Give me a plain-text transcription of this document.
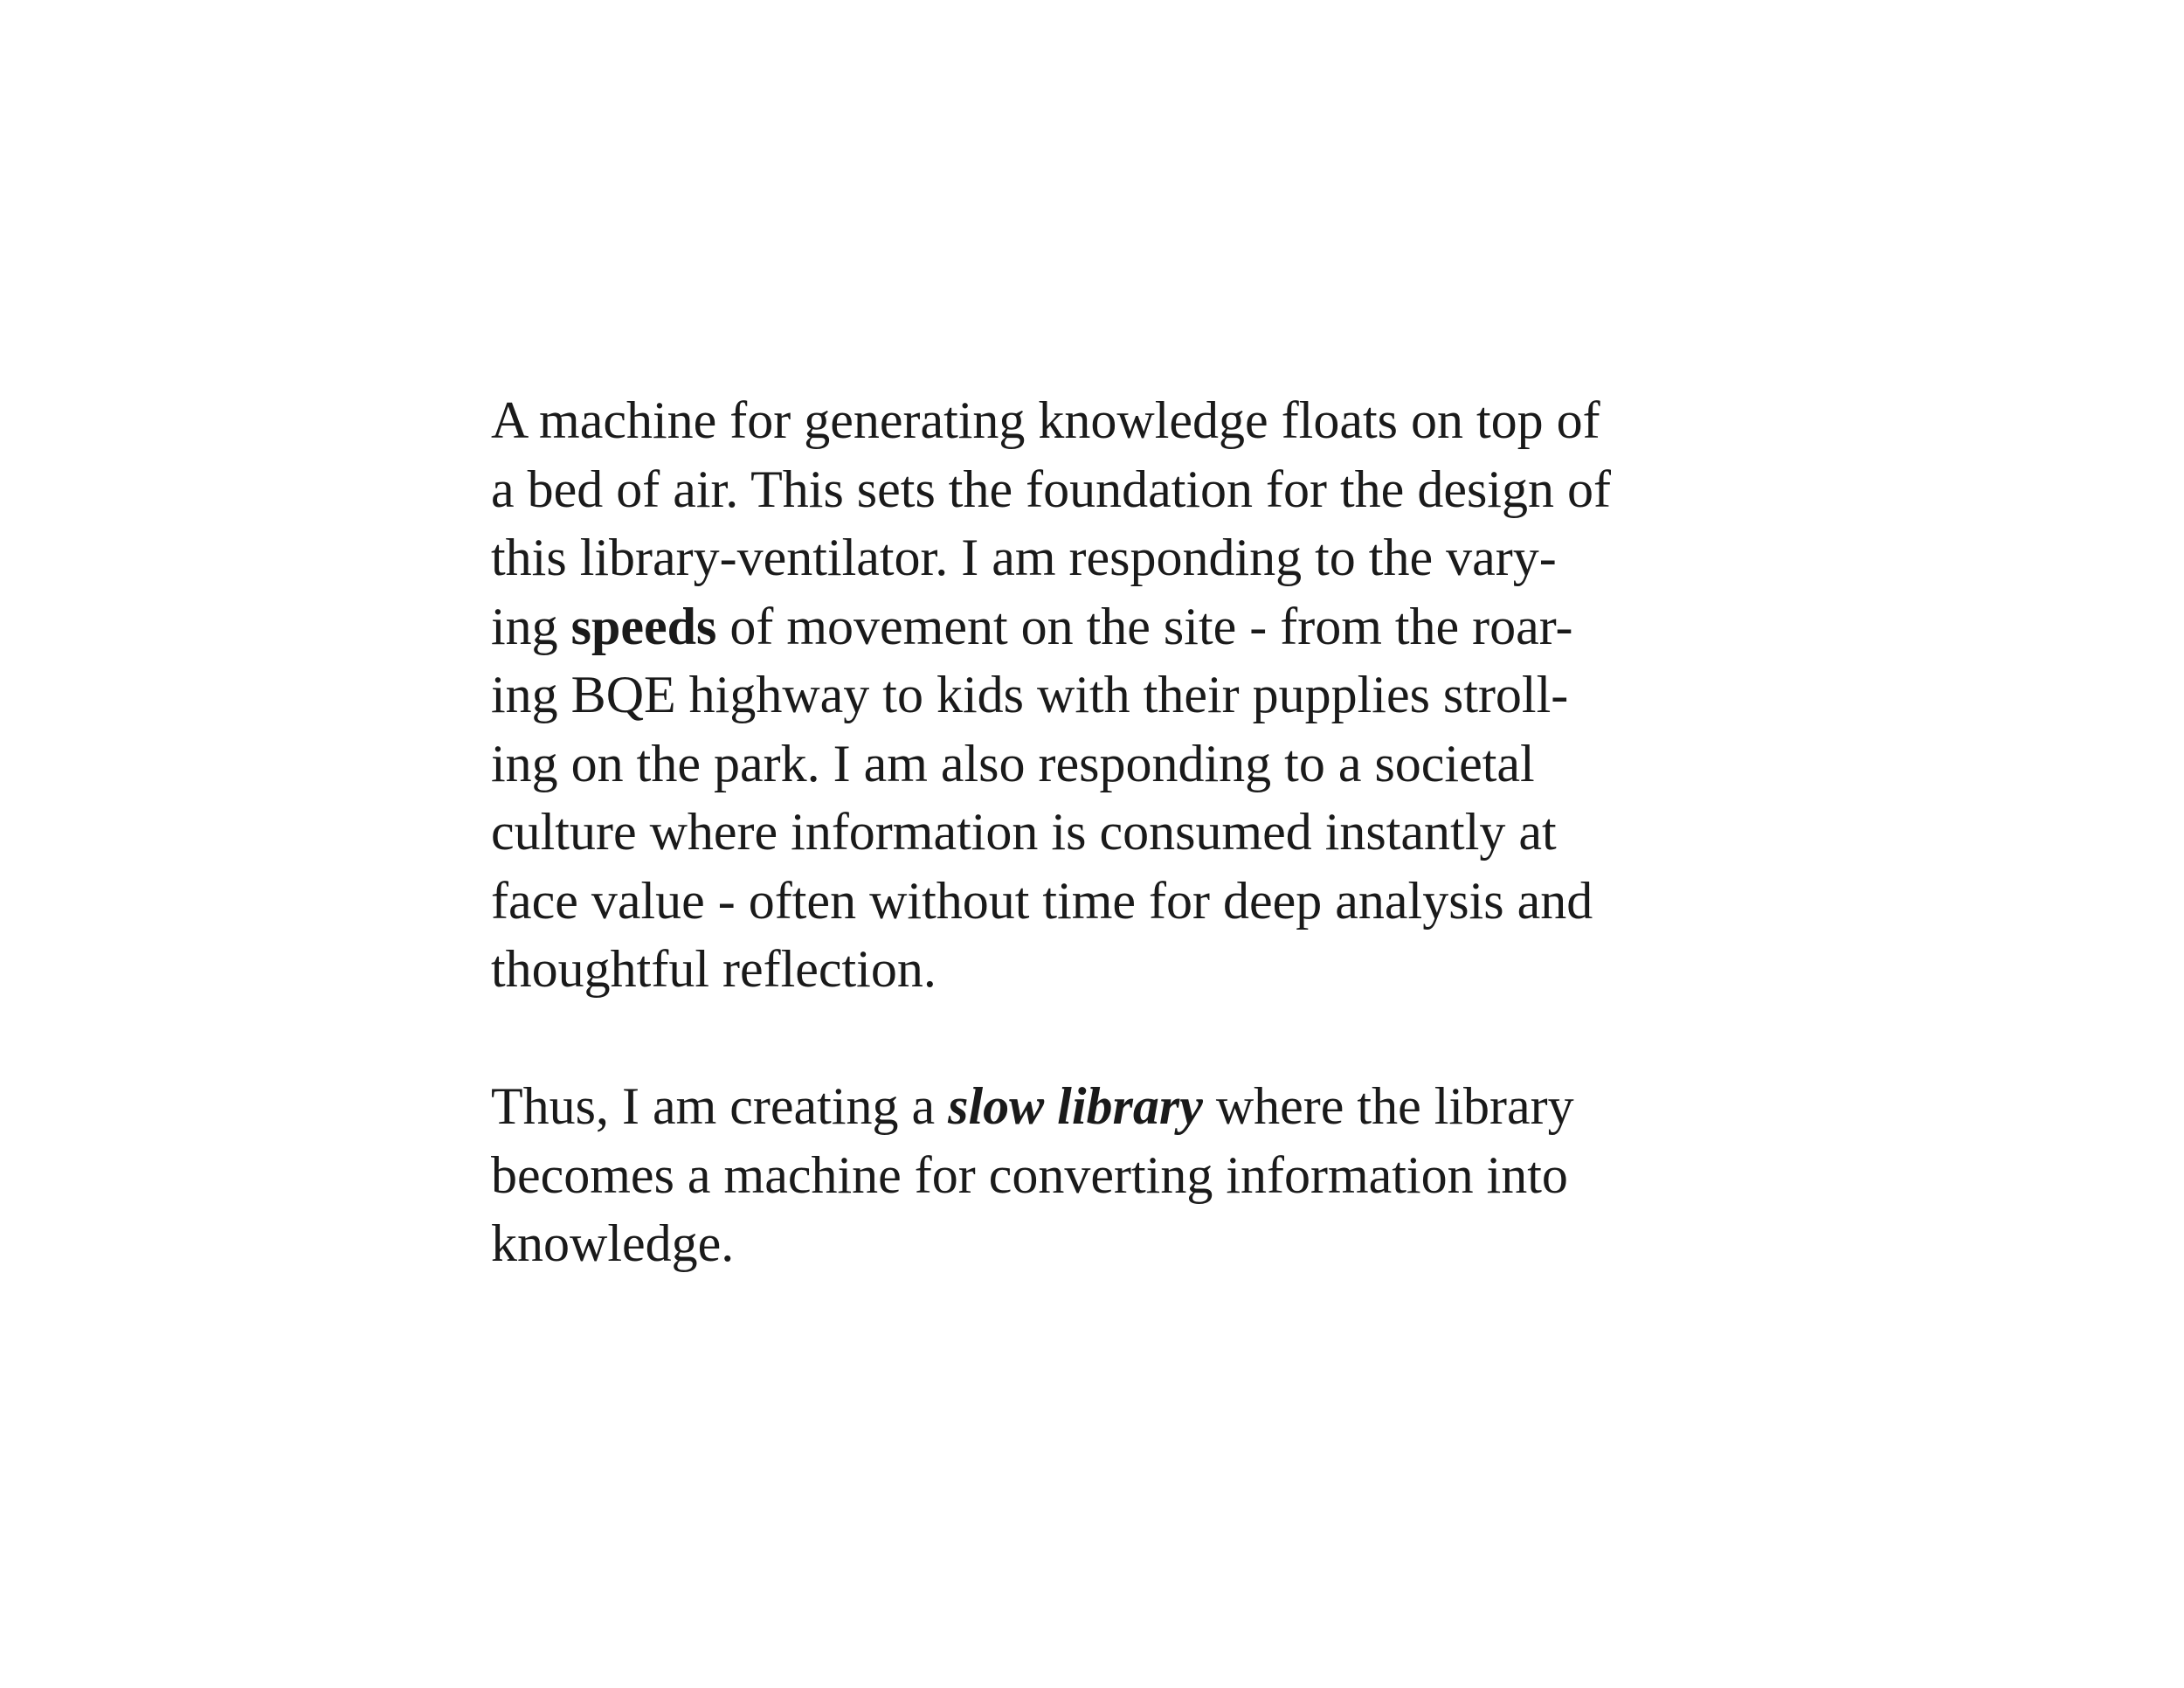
A machine for generating knowledge floats on top of
a bed of air. This sets the foundation for the design of
this library-ventilator. I am responding to the vary-
ing speeds of movement on the site - from the roar-
ing BQE highway to kids with their pupplies stroll-
ing on the park. I am also responding to a societal
culture where information is consumed instantly at
face value - often without time for deep analysis and
thoughtful reflection.
Thus, I am creating a slow library where the library
becomes a machine for converting information into
knowledge.
